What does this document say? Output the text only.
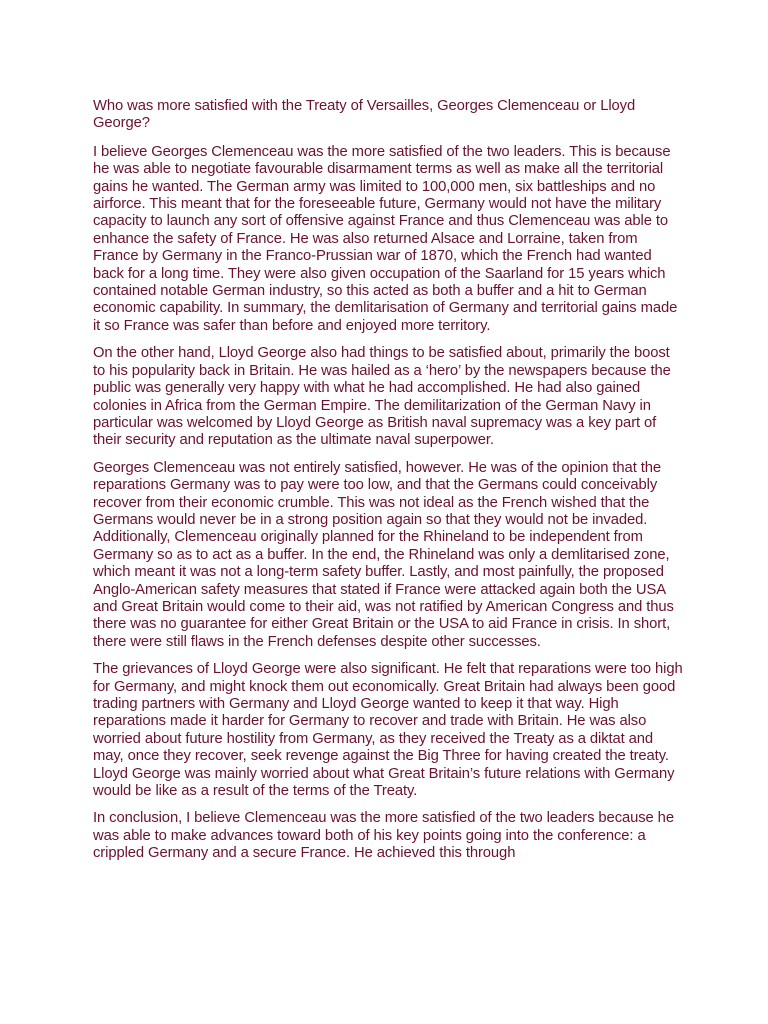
Who was more satisfied with the Treaty of Versailles, Georges Clemenceau or Lloyd George?

I believe Georges Clemenceau was the more satisfied of the two leaders. This is because he was able to negotiate favourable disarmament terms as well as make all the territorial gains he wanted. The German army was limited to 100,000 men, six battleships and no airforce. This meant that for the foreseeable future, Germany would not have the military capacity to launch any sort of offensive against France and thus Clemenceau was able to enhance the safety of France. He was also returned Alsace and Lorraine, taken from France by Germany in the Franco-Prussian war of 1870, which the French had wanted back for a long time. They were also given occupation of the Saarland for 15 years which contained notable German industry, so this acted as both a buffer and a hit to German economic capability. In summary, the demlitarisation of Germany and territorial gains made it so France was safer than before and enjoyed more territory.

On the other hand, Lloyd George also had things to be satisfied about, primarily the boost to his popularity back in Britain. He was hailed as a ‘hero’ by the newspapers because the public was generally very happy with what he had accomplished. He had also gained colonies in Africa from the German Empire. The demilitarization of the German Navy in particular was welcomed by Lloyd George as British naval supremacy was a key part of their security and reputation as the ultimate naval superpower.

Georges Clemenceau was not entirely satisfied, however. He was of the opinion that the reparations Germany was to pay were too low, and that the Germans could conceivably recover from their economic crumble. This was not ideal as the French wished that the Germans would never be in a strong position again so that they would not be invaded. Additionally, Clemenceau originally planned for the Rhineland to be independent from Germany so as to act as a buffer. In the end, the Rhineland was only a demlitarised zone, which meant it was not a long-term safety buffer. Lastly, and most painfully, the proposed Anglo-American safety measures that stated if France were attacked again both the USA and Great Britain would come to their aid, was not ratified by American Congress and thus there was no guarantee for either Great Britain or the USA to aid France in crisis. In short, there were still flaws in the French defenses despite other successes.

The grievances of Lloyd George were also significant. He felt that reparations were too high for Germany, and might knock them out economically. Great Britain had always been good trading partners with Germany and Lloyd George wanted to keep it that way. High reparations made it harder for Germany to recover and trade with Britain. He was also worried about future hostility from Germany, as they received the Treaty as a diktat and may, once they recover, seek revenge against the Big Three for having created the treaty. Lloyd George was mainly worried about what Great Britain’s future relations with Germany would be like as a result of the terms of the Treaty.

In conclusion, I believe Clemenceau was the more satisfied of the two leaders because he was able to make advances toward both of his key points going into the conference: a crippled Germany and a secure France. He achieved this through
